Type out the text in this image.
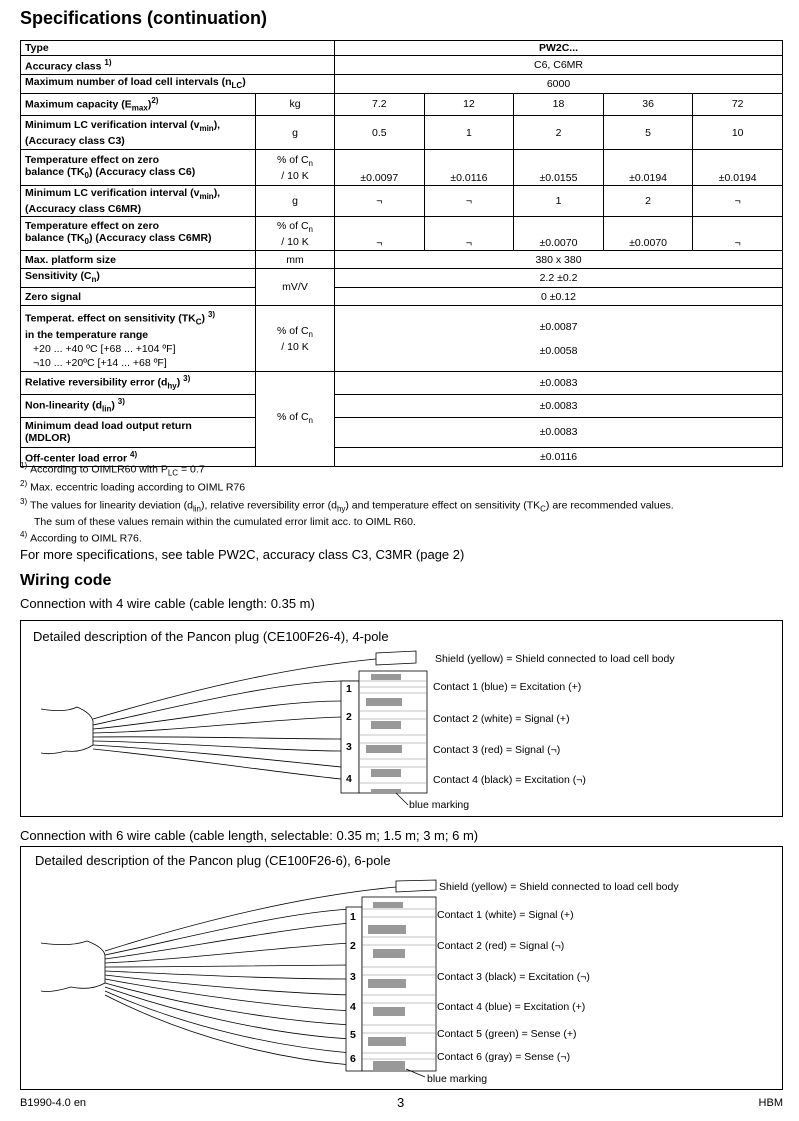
Specifications (continuation)
Type		PW2C...				
Accuracy class $^{1)}$		C6, C6MR				
Maximum number of load cell intervals $(n_{LC})$		6000				
Maximum capacity $(E_{max})^{2)}$	kg	7.2	12	18	36	72
Minimum LC verification interval $(v_{min})$,
(Accuracy class C3)	g	0.5	1	2	5	10
Temperature effect on zero
balance $(TK_0)$ (Accuracy class C6)	% of $C_n$
/ 10 K	±0.0097	±0.0116	±0.0155	±0.0194	±0.0194
Minimum LC verification interval $(v_{min})$,
(Accuracy class C6MR)	g	¬	¬	1	2	¬
Temperature effect on zero
balance $(TK_0)$ (Accuracy class C6MR)	% of $C_n$
/ 10 K	¬	¬	±0.0070	±0.0070	¬
Max. platform size	mm	380 x 380				
Sensitivity $(C_n)$	mV/V	2.2 ±0.2				
Zero signal		0 ±0.12				
Temperat. effect on sensitivity $(TK_C)$ $^{3)}$
in the temperature range
+20 ... +40 ºC [+68 ... +104 ºF]
¬10 ... +20ºC [+14 ... +68 ºF]	% of $C_n$
/ 10 K	±0.0087

±0.0058				
Relative reversibility error $(d_{hy})$ $^{3)}$	% of $C_n$	±0.0083				
Non-linearity $(d_{lin})$ $^{3)}$		±0.0083				
Minimum dead load output return
(MDLOR)		±0.0083				
Off-center load error $^{4)}$		±0.0116				
$^{1)}$ According to OIMLR60 with $P_{LC} = 0.7$
$^{2)}$ Max. eccentric loading according to OIML R76
$^{3)}$ The values for linearity deviation $(d_{lin})$, relative reversibility error $(d_{hy})$ and temperature effect on sensitivity $(TK_C)$ are recommended values.
The sum of these values remain within the cumulated error limit acc. to OIML R60.
$^{4)}$ According to OIML R76.
For more specifications, see table PW2C, accuracy class C3, C3MR (page 2)
Wiring code
Connection with 4 wire cable (cable length: 0.35 m)
Detailed description of the Pancon plug (CE100F26-4), 4-pole
1
2
3
4
Shield (yellow) = Shield connected to load cell body
Contact 1 (blue) = Excitation (+)
Contact 2 (white) = Signal (+)
Contact 3 (red) = Signal (¬)
Contact 4 (black) = Excitation (¬)
blue marking
Connection with 6 wire cable (cable length, selectable: 0.35 m; 1.5 m; 3 m; 6 m)
Detailed description of the Pancon plug (CE100F26-6), 6-pole
1
2
3
4
5
6
Shield (yellow) = Shield connected to load cell body
Contact 1 (white) = Signal (+)
Contact 2 (red) = Signal (¬)
Contact 3 (black) = Excitation (¬)
Contact 4 (blue) = Excitation (+)
Contact 5 (green) = Sense (+)
Contact 6 (gray) = Sense (¬)
blue marking
B1990-4.0 en	3	HBM
